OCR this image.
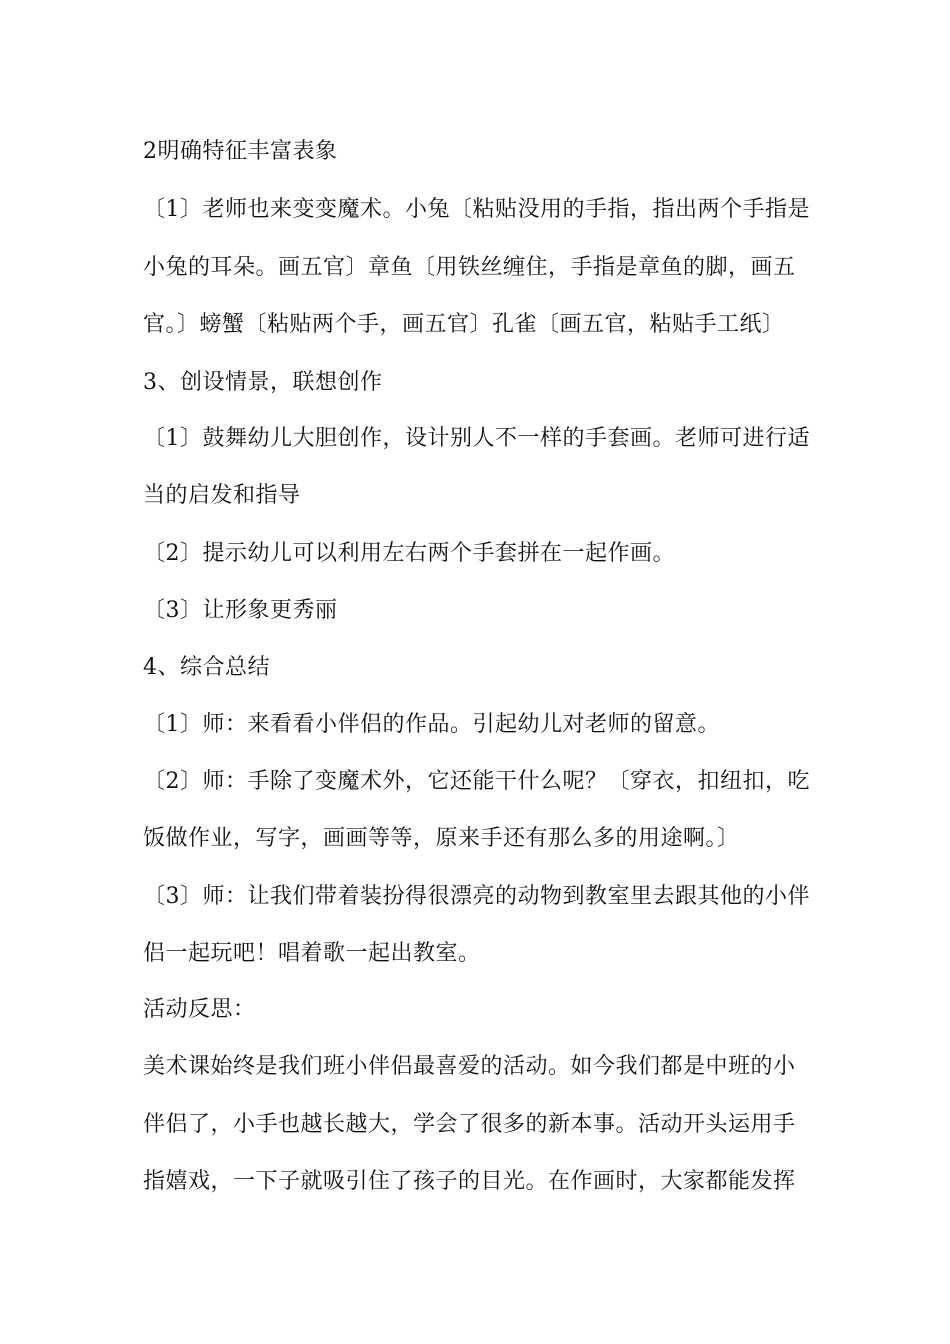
2明确特征丰富表象
〔1〕老师也来变变魔术。小兔〔粘贴没用的手指，指出两个手指是
小兔的耳朵。画五官〕章鱼〔用铁丝缠住，手指是章鱼的脚，画五
官。〕螃蟹〔粘贴两个手，画五官〕孔雀〔画五官，粘贴手工纸〕
3、创设情景，联想创作
〔1〕鼓舞幼儿大胆创作，设计别人不一样的手套画。老师可进行适
当的启发和指导
〔2〕提示幼儿可以利用左右两个手套拼在一起作画。
〔3〕让形象更秀丽
4、综合总结
〔1〕师：来看看小伴侣的作品。引起幼儿对老师的留意。
〔2〕师：手除了变魔术外，它还能干什么呢？〔穿衣，扣纽扣，吃
饭做作业，写字，画画等等，原来手还有那么多的用途啊。〕
〔3〕师：让我们带着装扮得很漂亮的动物到教室里去跟其他的小伴
侣一起玩吧！唱着歌一起出教室。
活动反思：
美术课始终是我们班小伴侣最喜爱的活动。如今我们都是中班的小
伴侣了，小手也越长越大，学会了很多的新本事。活动开头运用手
指嬉戏，一下子就吸引住了孩子的目光。在作画时，大家都能发挥
